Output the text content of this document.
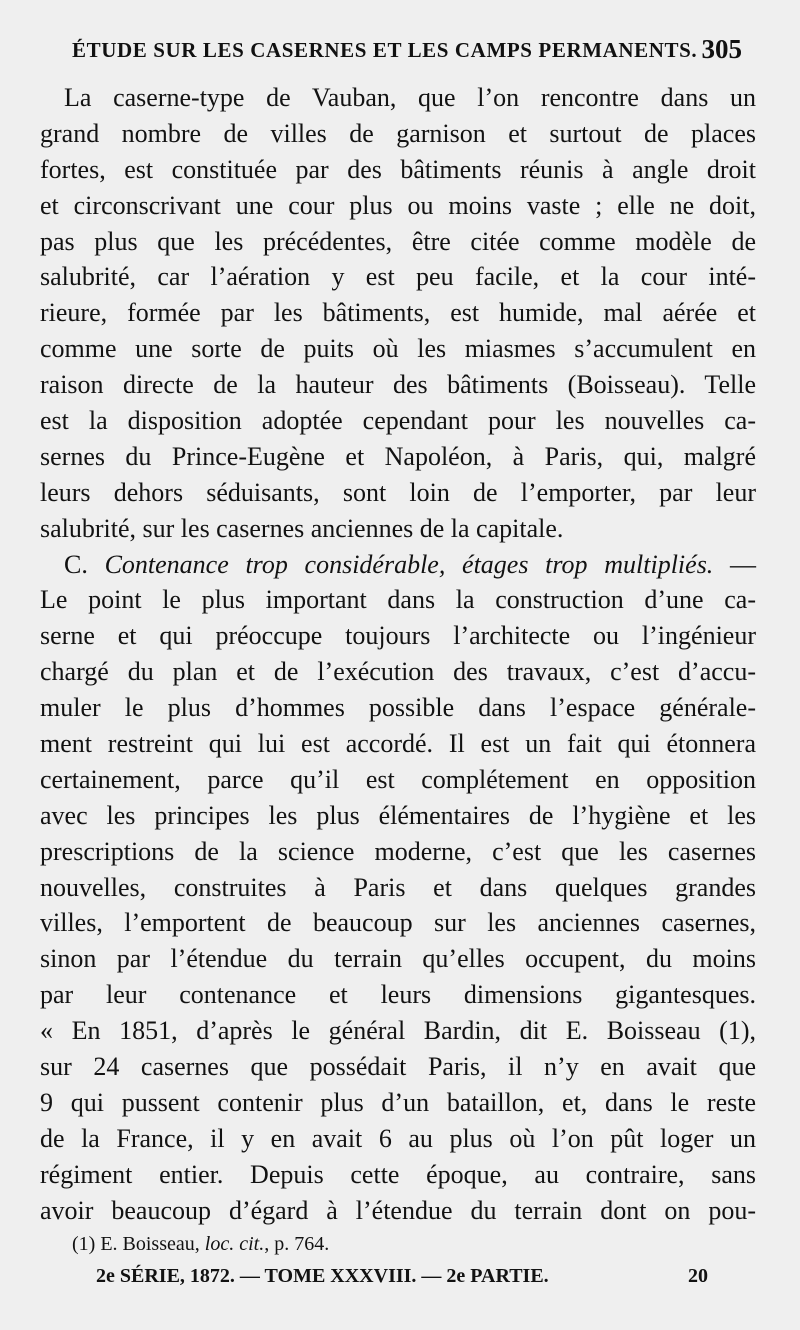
ÉTUDE SUR LES CASERNES ET LES CAMPS PERMANENTS. 305
La caserne-type de Vauban, que l’on rencontre dans un
grand nombre de villes de garnison et surtout de places
fortes, est constituée par des bâtiments réunis à angle droit
et circonscrivant une cour plus ou moins vaste ; elle ne doit,
pas plus que les précédentes, être citée comme modèle de
salubrité, car l’aération y est peu facile, et la cour inté-
rieure, formée par les bâtiments, est humide, mal aérée et
comme une sorte de puits où les miasmes s’accumulent en
raison directe de la hauteur des bâtiments (Boisseau). Telle
est la disposition adoptée cependant pour les nouvelles ca-
sernes du Prince-Eugène et Napoléon, à Paris, qui, malgré
leurs dehors séduisants, sont loin de l’emporter, par leur
salubrité, sur les casernes anciennes de la capitale.
C. Contenance trop considérable, étages trop multipliés. —
Le point le plus important dans la construction d’une ca-
serne et qui préoccupe toujours l’architecte ou l’ingénieur
chargé du plan et de l’exécution des travaux, c’est d’accu-
muler le plus d’hommes possible dans l’espace générale-
ment restreint qui lui est accordé. Il est un fait qui étonnera
certainement, parce qu’il est complétement en opposition
avec les principes les plus élémentaires de l’hygiène et les
prescriptions de la science moderne, c’est que les casernes
nouvelles, construites à Paris et dans quelques grandes
villes, l’emportent de beaucoup sur les anciennes casernes,
sinon par l’étendue du terrain qu’elles occupent, du moins
par leur contenance et leurs dimensions gigantesques.
« En 1851, d’après le général Bardin, dit E. Boisseau (1),
sur 24 casernes que possédait Paris, il n’y en avait que
9 qui pussent contenir plus d’un bataillon, et, dans le reste
de la France, il y en avait 6 au plus où l’on pût loger un
régiment entier. Depuis cette époque, au contraire, sans
avoir beaucoup d’égard à l’étendue du terrain dont on pou-
(1) E. Boisseau, loc. cit., p. 764.
2e SÉRIE, 1872. — TOME XXXVIII. — 2e PARTIE.	20
